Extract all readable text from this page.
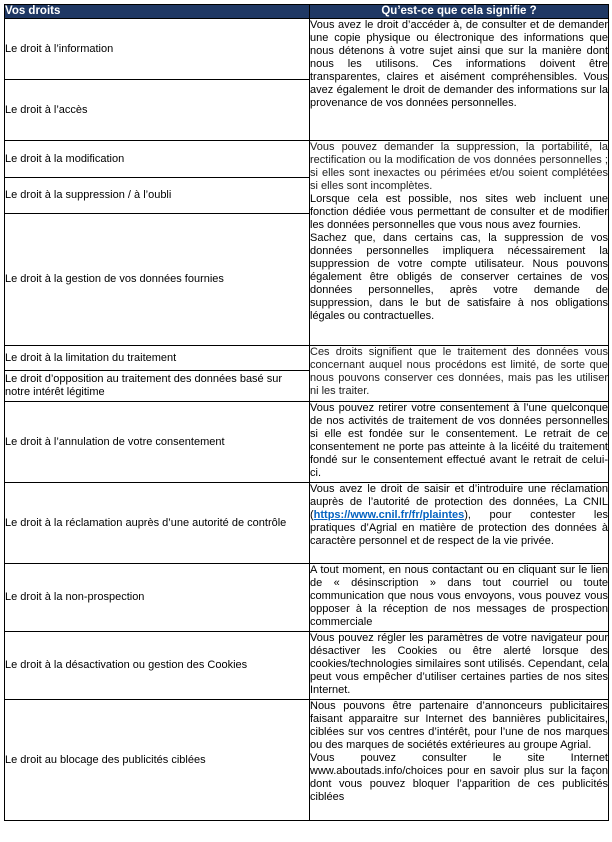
Vos droits	Qu’est-ce que cela signifie ?
Le droit à l’information	Vous avez le droit d’accéder à, de consulter et de demander une copie physique ou électronique des informations que nous détenons à votre sujet ainsi que sur la manière dont nous les utilisons. Ces informations doivent être transparentes, claires et aisément compréhensibles. Vous avez également le droit de demander des informations sur la provenance de vos données personnelles.
Le droit à l’accès	
Le droit à la modification	Vous pouvez demander la suppression, la portabilité, la rectification ou la modification de vos données personnelles ; si elles sont inexactes ou périmées et/ou soient complétées si elles sont incomplètes.
Lorsque cela est possible, nos sites web incluent une fonction dédiée vous permettant de consulter et de modifier les données personnelles que vous nous avez fournies.
Sachez que, dans certains cas, la suppression de vos données personnelles impliquera nécessairement la suppression de votre compte utilisateur. Nous pouvons également être obligés de conserver certaines de vos données personnelles, après votre demande de suppression, dans le but de satisfaire à nos obligations légales ou contractuelles.
Le droit à la suppression / à l’oubli	
Le droit à la gestion de vos données fournies	
Le droit à la limitation du traitement	Ces droits signifient que le traitement des données vous concernant auquel nous procédons est limité, de sorte que nous pouvons conserver ces données, mais pas les utiliser ni les traiter.
Le droit d’opposition au traitement des données basé sur notre intérêt légitime	
Le droit à l’annulation de votre consentement	Vous pouvez retirer votre consentement à l’une quelconque de nos activités de traitement de vos données personnelles si elle est fondée sur le consentement. Le retrait de ce consentement ne porte pas atteinte à la licéité du traitement fondé sur le consentement effectué avant le retrait de celui-ci.
Le droit à la réclamation auprès d’une autorité de contrôle	Vous avez le droit de saisir et d’introduire une réclamation auprès de l’autorité de protection des données, La CNIL (https://www.cnil.fr/fr/plaintes), pour contester les pratiques d’Agrial en matière de protection des données à caractère personnel et de respect de la vie privée.
Le droit à la non-prospection	A tout moment, en nous contactant ou en cliquant sur le lien de « désinscription » dans tout courriel ou toute communication que nous vous envoyons, vous pouvez vous opposer à la réception de nos messages de prospection commerciale
Le droit à la désactivation ou gestion des Cookies	Vous pouvez régler les paramètres de votre navigateur pour désactiver les Cookies ou être alerté lorsque des cookies/technologies similaires sont utilisés. Cependant, cela peut vous empêcher d’utiliser certaines parties de nos sites Internet.
Le droit au blocage des publicités ciblées	Nous pouvons être partenaire d’annonceurs publicitaires faisant apparaitre sur Internet des bannières publicitaires, ciblées sur vos centres d’intérêt, pour l’une de nos marques ou des marques de sociétés extérieures au groupe Agrial.
Vous pouvez consulter le site Internet www.aboutads.info/choices pour en savoir plus sur la façon dont vous pouvez bloquer l’apparition de ces publicités ciblées
